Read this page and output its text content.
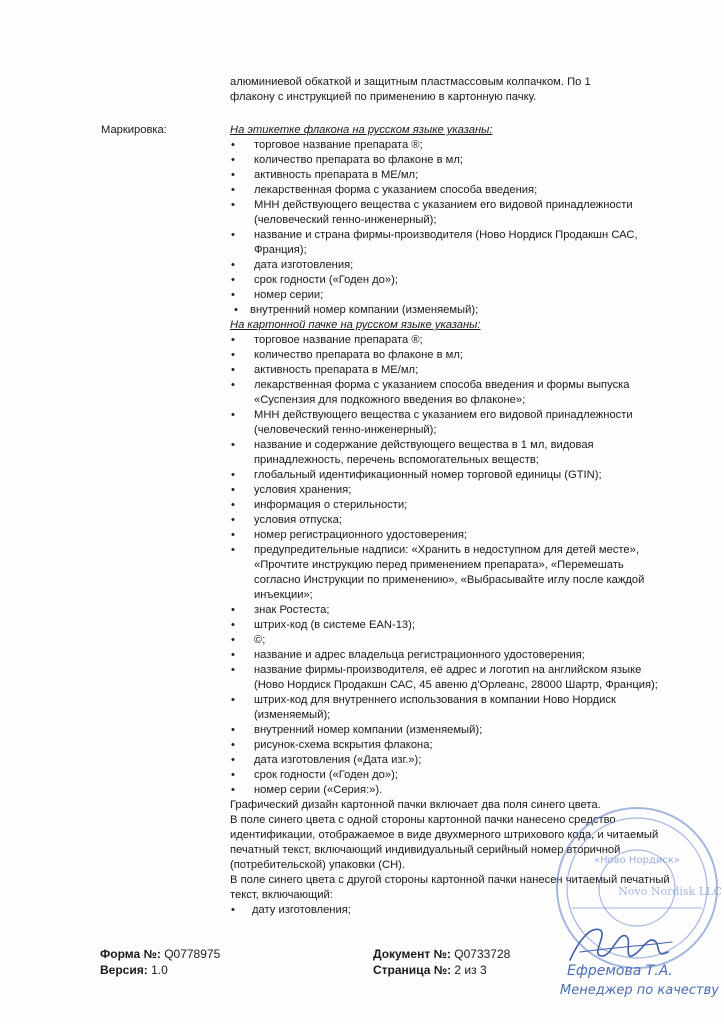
алюминиевой обкаткой и защитным пластмассовым колпачком. По 1
флакону с инструкцией по применению в картонную пачку.
Маркировка:	На этикетке флакона на русском языке указаны:
• торговое название препарата ®;
• количество препарата во флаконе в мл;
• активность препарата в МЕ/мл;
• лекарственная форма с указанием способа введения;
• МНН действующего вещества с указанием его видовой принадлежности (человеческий генно-инженерный);
• название и страна фирмы-производителя (Ново Нордиск Продакшн САС, Франция);
• дата изготовления;
• срок годности («Годен до»);
• номер серии;
• внутренний номер компании (изменяемый);
На картонной пачке на русском языке указаны:
• торговое название препарата ®;
• количество препарата во флаконе в мл;
• активность препарата в МЕ/мл;
• лекарственная форма с указанием способа введения и формы выпуска «Суспензия для подкожного введения во флаконе»;
• МНН действующего вещества с указанием его видовой принадлежности (человеческий генно-инженерный);
• название и содержание действующего вещества в 1 мл, видовая принадлежность, перечень вспомогательных веществ;
• глобальный идентификационный номер торговой единицы (GTIN);
• условия хранения;
• информация о стерильности;
• условия отпуска;
• номер регистрационного удостоверения;
• предупредительные надписи: «Хранить в недоступном для детей месте», «Прочтите инструкцию перед применением препарата», «Перемешать согласно Инструкции по применению», «Выбрасывайте иглу после каждой инъекции»;
• знак Ростеста;
• штрих-код (в системе EAN-13);
• ©;
• название и адрес владельца регистрационного удостоверения;
• название фирмы-производителя, её адрес и логотип на английском языке (Ново Нордиск Продакшн САС, 45 авеню д'Орлеанс, 28000 Шартр, Франция);
• штрих-код для внутреннего использования в компании Ново Нордиск (изменяемый);
• внутренний номер компании (изменяемый);
• рисунок-схема вскрытия флакона;
• дата изготовления («Дата изг.»);
• срок годности («Годен до»);
• номер серии («Серия:»).

Графический дизайн картонной пачки включает два поля синего цвета.

В поле синего цвета с одной стороны картонной пачки нанесено средство идентификации, отображаемое в виде двухмерного штрихового кода, и читаемый печатный текст, включающий индивидуальный серийный номер вторичной (потребительской) упаковки (СН).

В поле синего цвета с другой стороны картонной пачки нанесен читаемый печатный текст, включающий:

• дату изготовления;
«Ново Нордиск»
Novo Nordisk LLC
Ефремова Т.А.
Менеджер по качеству
Форма №: Q0778975
Версия: 1.0
Документ №: Q0733728
Страница №: 2 из 3
